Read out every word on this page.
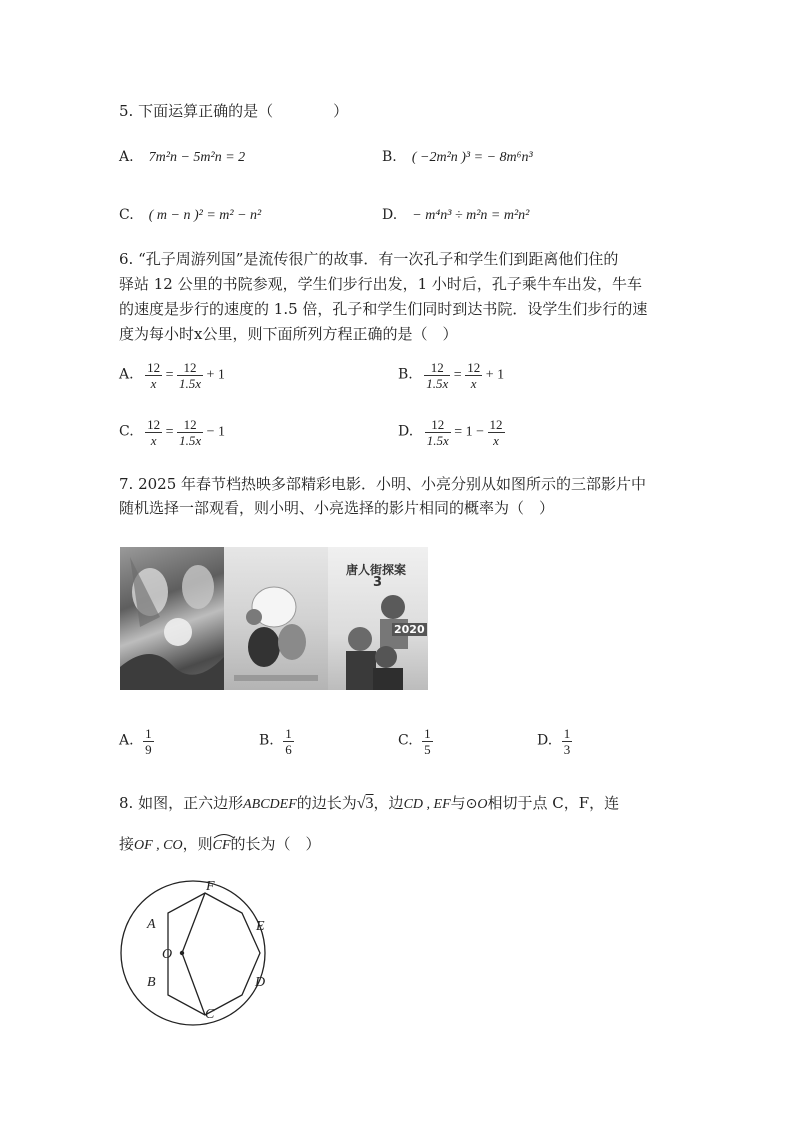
5. 下面运算正确的是（　　　　）
A. 7m²n − 5m²n = 2	B. ( −2m²n )³ = − 8m⁶n³
C. ( m − n )² = m² − n²	D. − m⁴n³ ÷ m²n = m²n²
6. “孔子周游列国”是流传很广的故事．有一次孔子和学生们到距离他们住的
驿站 12 公里的书院参观，学生们步行出发，1 小时后，孔子乘牛车出发，牛车
的速度是步行的速度的 1.5 倍，孔子和学生们同时到达书院．设学生们步行的速
度为每小时x公里，则下面所列方程正确的是（　）
A. $\frac{12}{x} = \frac{12}{1.5x} + 1$	B. $\frac{12}{1.5x} = \frac{12}{x} + 1$
C. $\frac{12}{x} = \frac{12}{1.5x} - 1$	D. $\frac{12}{1.5x} = 1 - \frac{12}{x}$
7. 2025 年春节档热映多部精彩电影．小明、小亮分别从如图所示的三部影片中
随机选择一部观看，则小明、小亮选择的影片相同的概率为（　）
唐人街探案
3
2020
A. $\frac{1}{9}$	B. $\frac{1}{6}$	C. $\frac{1}{5}$	D. $\frac{1}{3}$
8. 如图，正六边形ABCDEF的边长为√3，边CD , EF与⊙O相切于点 C，F，连
接OF , CO，则
CF的长为（　）
F
A	E
O
B	D
C
